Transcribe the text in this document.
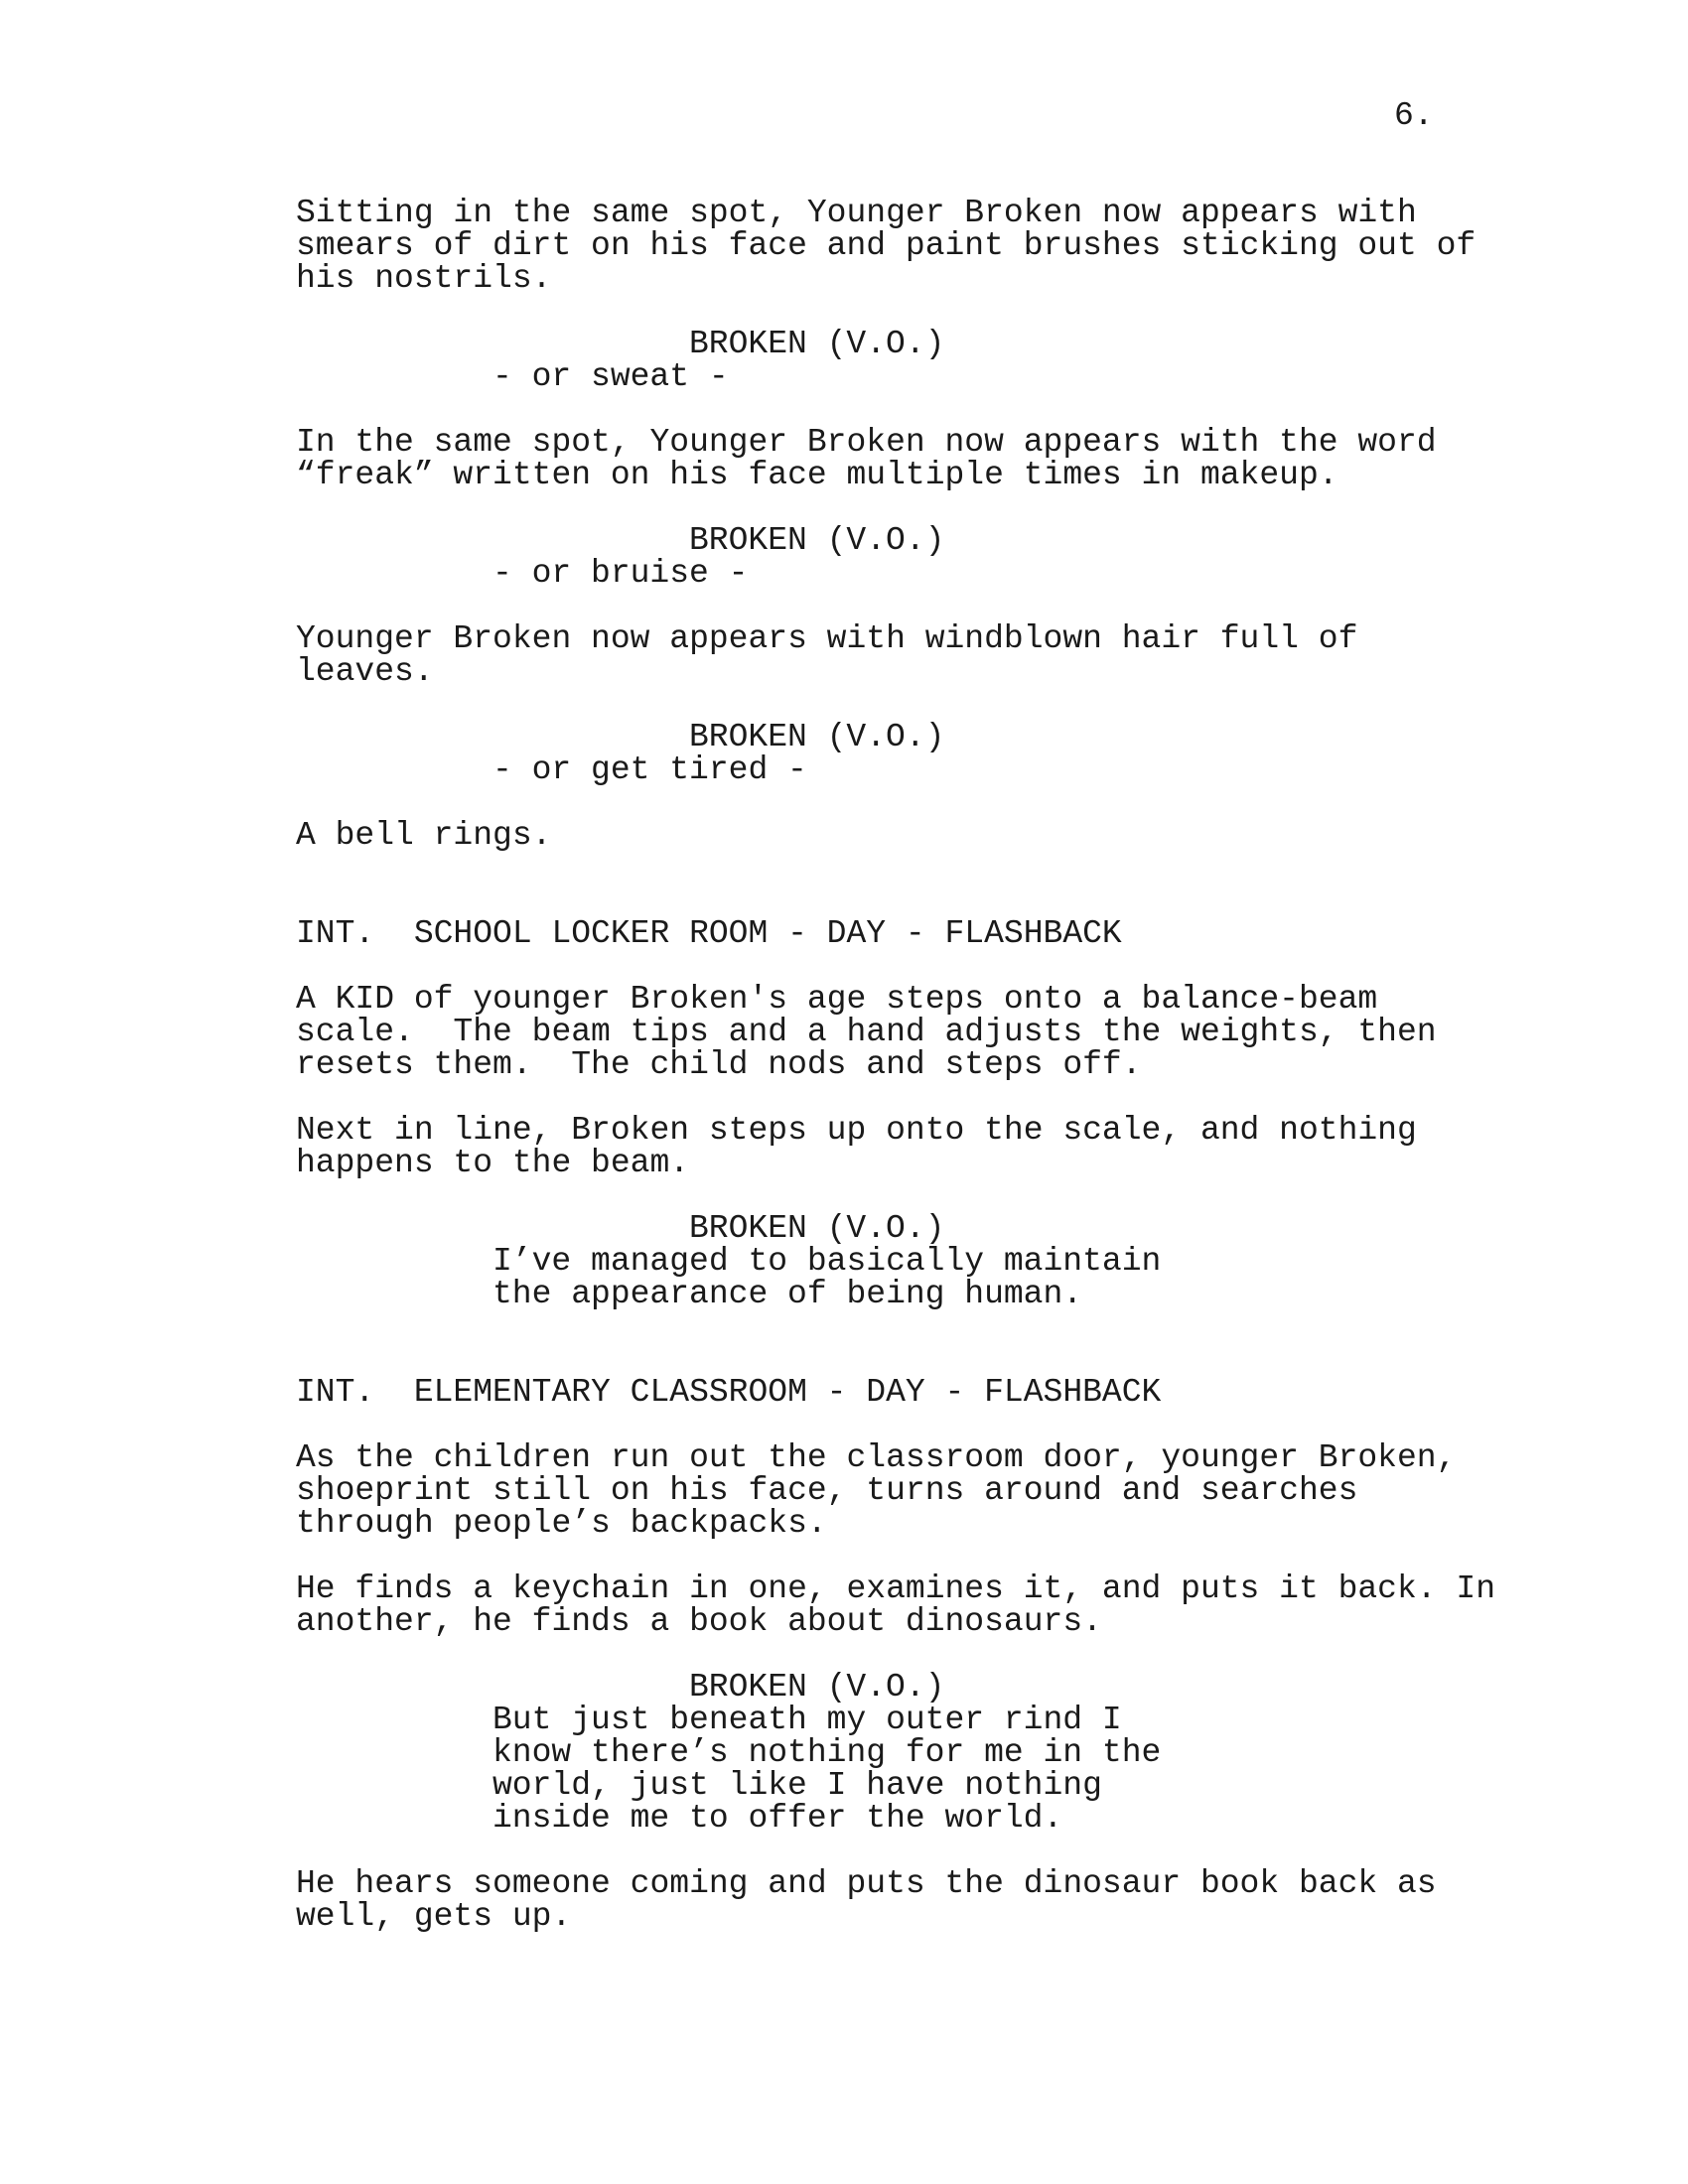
6.
Sitting in the same spot, Younger Broken now appears with
smears of dirt on his face and paint brushes sticking out of
his nostrils.
BROKEN (V.O.)
- or sweat -
In the same spot, Younger Broken now appears with the word
“freak” written on his face multiple times in makeup.
BROKEN (V.O.)
- or bruise -
Younger Broken now appears with windblown hair full of
leaves.
BROKEN (V.O.)
- or get tired -
A bell rings.
INT.  SCHOOL LOCKER ROOM - DAY - FLASHBACK
A KID of younger Broken's age steps onto a balance-beam
scale.  The beam tips and a hand adjusts the weights, then
resets them.  The child nods and steps off.
Next in line, Broken steps up onto the scale, and nothing
happens to the beam.
BROKEN (V.O.)
I’ve managed to basically maintain
the appearance of being human.
INT.  ELEMENTARY CLASSROOM - DAY - FLASHBACK
As the children run out the classroom door, younger Broken,
shoeprint still on his face, turns around and searches
through people’s backpacks.
He finds a keychain in one, examines it, and puts it back. In
another, he finds a book about dinosaurs.
BROKEN (V.O.)
But just beneath my outer rind I
know there’s nothing for me in the
world, just like I have nothing
inside me to offer the world.
He hears someone coming and puts the dinosaur book back as
well, gets up.
